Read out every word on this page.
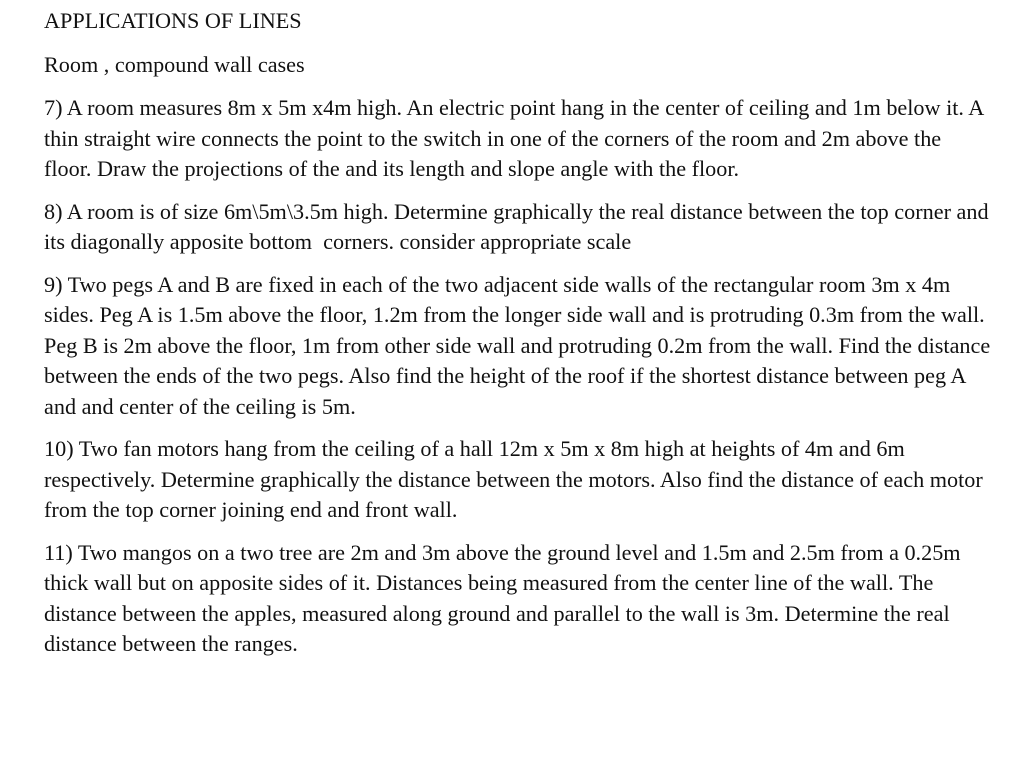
APPLICATIONS OF LINES

Room , compound wall cases

7) A room measures 8m x 5m x4m high. An electric point hang in the center of ceiling and 1m below it. A thin straight wire connects the point to the switch in one of the corners of the room and 2m above the floor. Draw the projections of the and its length and slope angle with the floor.

8) A room is of size 6m\5m\3.5m high. Determine graphically the real distance between the top corner and its diagonally apposite bottom  corners. consider appropriate scale

9) Two pegs A and B are fixed in each of the two adjacent side walls of the rectangular room 3m x 4m sides. Peg A is 1.5m above the floor, 1.2m from the longer side wall and is protruding 0.3m from the wall. Peg B is 2m above the floor, 1m from other side wall and protruding 0.2m from the wall. Find the distance between the ends of the two pegs. Also find the height of the roof if the shortest distance between peg A and and center of the ceiling is 5m.

10) Two fan motors hang from the ceiling of a hall 12m x 5m x 8m high at heights of 4m and 6m respectively. Determine graphically the distance between the motors. Also find the distance of each motor from the top corner joining end and front wall.

11) Two mangos on a two tree are 2m and 3m above the ground level and 1.5m and 2.5m from a 0.25m thick wall but on apposite sides of it. Distances being measured from the center line of the wall. The distance between the apples, measured along ground and parallel to the wall is 3m. Determine the real distance between the ranges.
